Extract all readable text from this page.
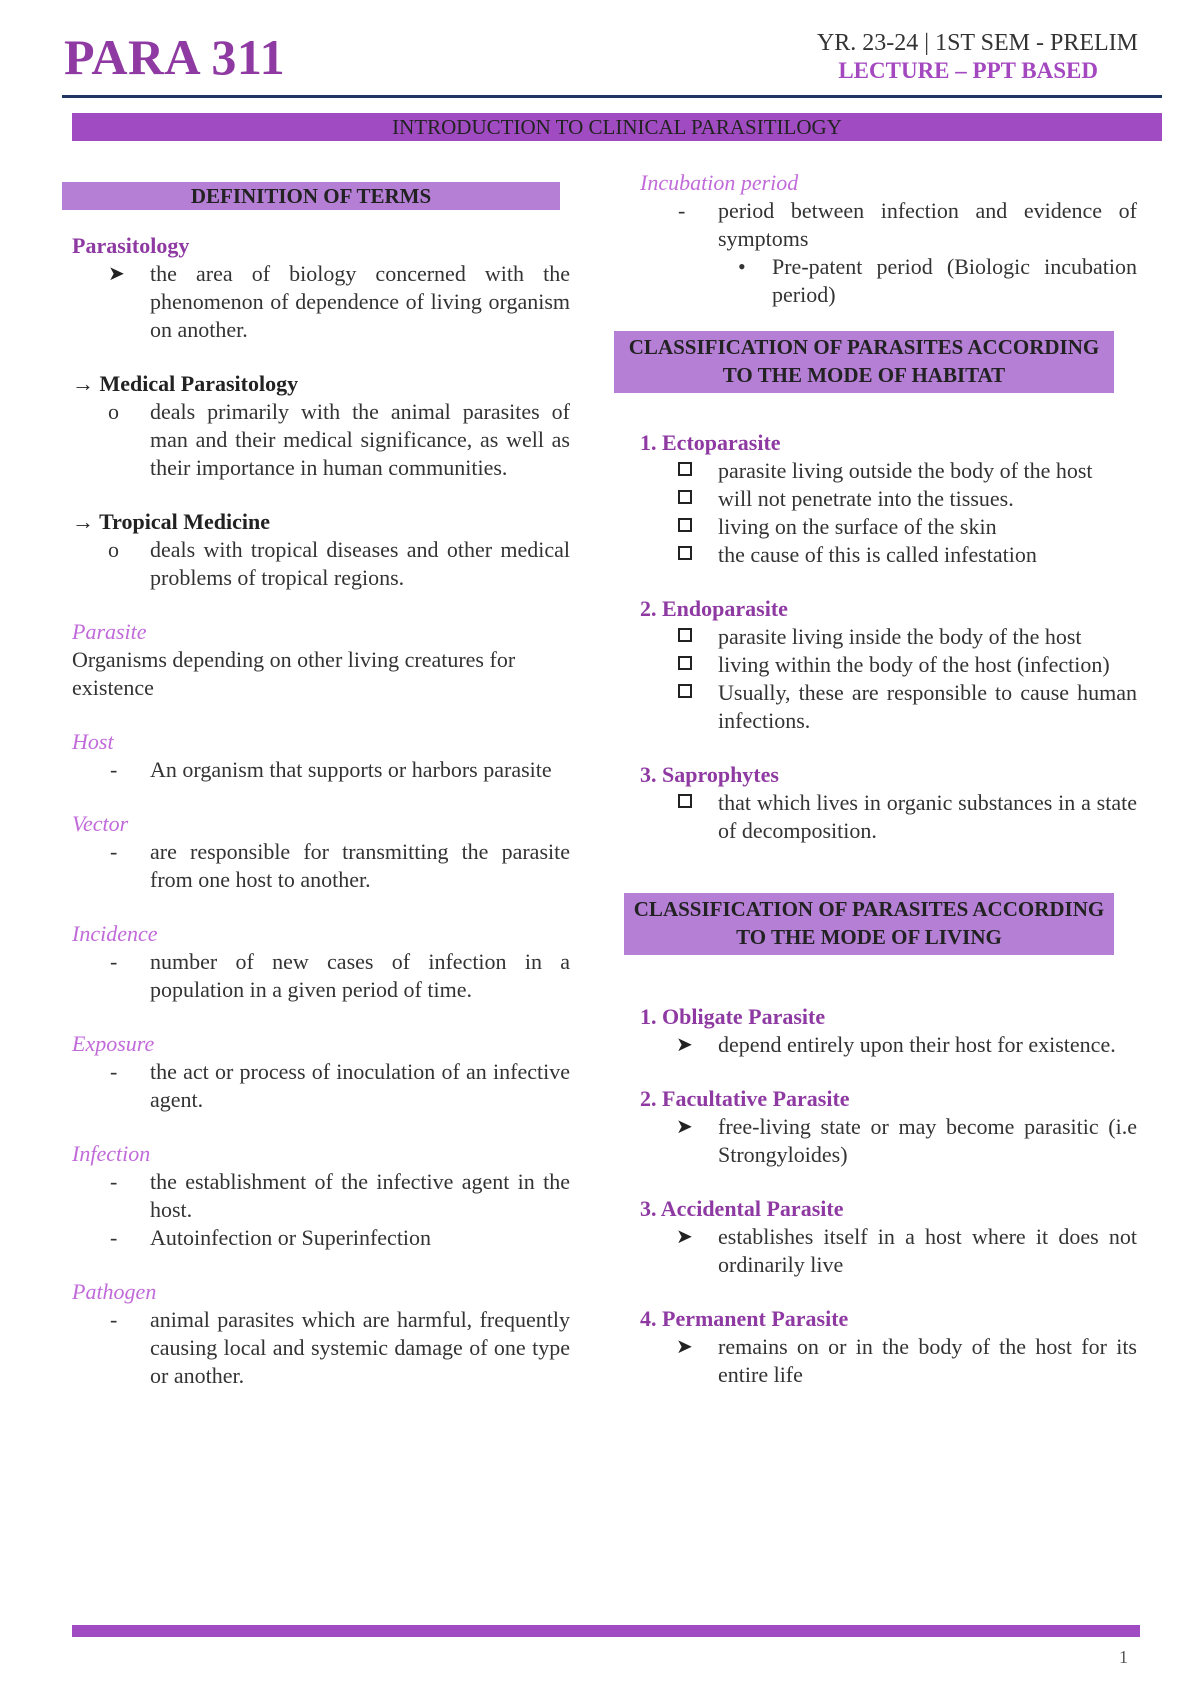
PARA 311	YR. 23-24 | 1ST SEM - PRELIM
LECTURE – PPT BASED
INTRODUCTION TO CLINICAL PARASITILOGY
DEFINITION OF TERMS
Parasitology
➤ the area of biology concerned with the phenomenon of dependence of living organism on another.
→ Medical Parasitology
o deals primarily with the animal parasites of man and their medical significance, as well as their importance in human communities.
→ Tropical Medicine
o deals with tropical diseases and other medical problems of tropical regions.
Parasite
Organisms depending on other living creatures for existence
Host
- An organism that supports or harbors parasite
Vector
- are responsible for transmitting the parasite from one host to another.
Incidence
- number of new cases of infection in a population in a given period of time.
Exposure
- the act or process of inoculation of an infective agent.
Infection
- the establishment of the infective agent in the host.
- Autoinfection or Superinfection
Pathogen
- animal parasites which are harmful, frequently causing local and systemic damage of one type or another.
Incubation period
- period between infection and evidence of symptoms
• Pre-patent period (Biologic incubation period)
CLASSIFICATION OF PARASITES ACCORDING TO THE MODE OF HABITAT
1. Ectoparasite
parasite living outside the body of the host
will not penetrate into the tissues.
living on the surface of the skin
the cause of this is called infestation
2. Endoparasite
parasite living inside the body of the host
living within the body of the host (infection)
Usually, these are responsible to cause human infections.
3. Saprophytes
that which lives in organic substances in a state of decomposition.
CLASSIFICATION OF PARASITES ACCORDING TO THE MODE OF LIVING
1. Obligate Parasite
➤ depend entirely upon their host for existence.
2. Facultative Parasite
➤ free-living state or may become parasitic (i.e Strongyloides)
3. Accidental Parasite
➤ establishes itself in a host where it does not ordinarily live
4. Permanent Parasite
➤ remains on or in the body of the host for its entire life
1
